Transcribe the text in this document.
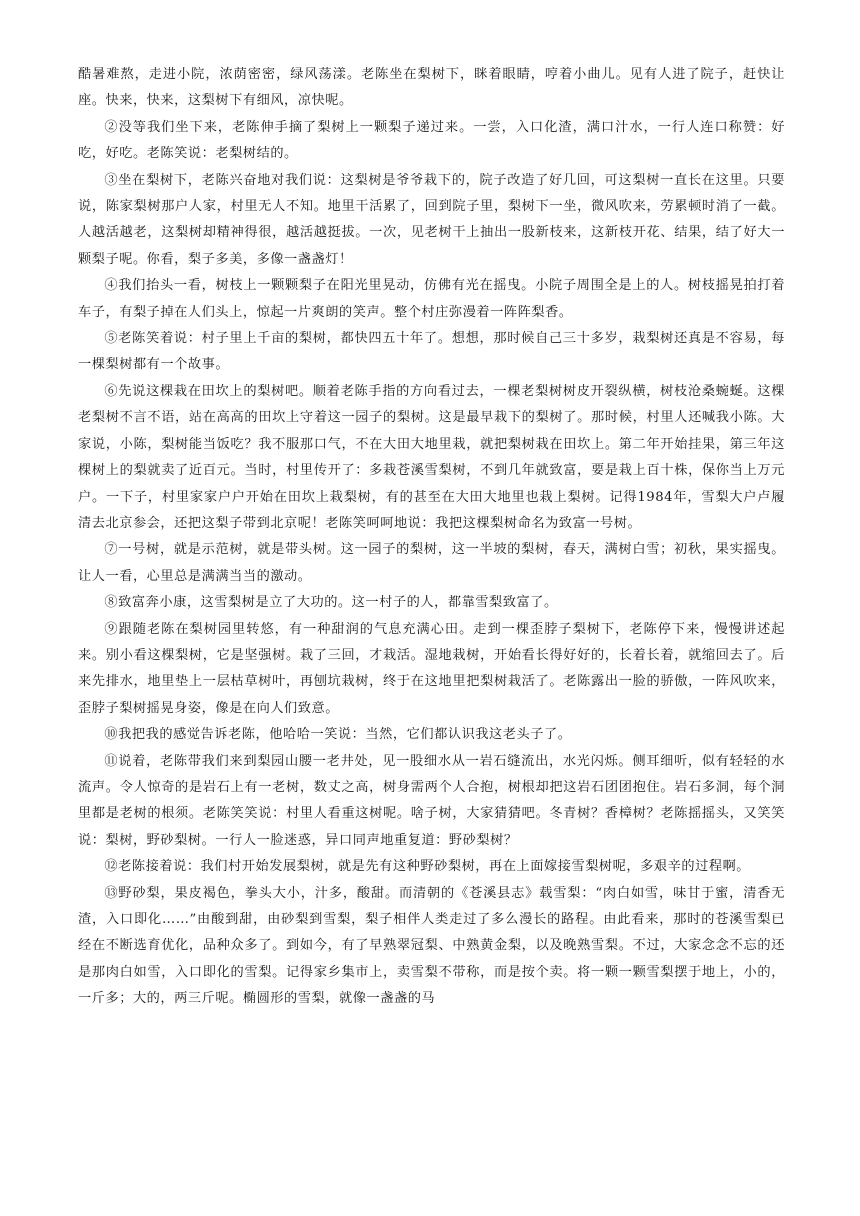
酷暑难熬，走进小院，浓荫密密，绿风荡漾。老陈坐在梨树下，眯着眼睛，哼着小曲儿。见有人进了院子，赶快让座。快来，快来，这梨树下有细风，凉快呢。

②没等我们坐下来，老陈伸手摘了梨树上一颗梨子递过来。一尝，入口化渣，满口汁水，一行人连口称赞：好吃，好吃。老陈笑说：老梨树结的。

③坐在梨树下，老陈兴奋地对我们说：这梨树是爷爷栽下的，院子改造了好几回，可这梨树一直长在这里。只要说，陈家梨树那户人家，村里无人不知。地里干活累了，回到院子里，梨树下一坐，微风吹来，劳累顿时消了一截。人越活越老，这梨树却精神得很，越活越挺拔。一次，见老树干上抽出一股新枝来，这新枝开花、结果，结了好大一颗梨子呢。你看，梨子多美，多像一盏盏灯！

④我们抬头一看，树枝上一颗颗梨子在阳光里晃动，仿佛有光在摇曳。小院子周围全是上的人。树枝摇晃拍打着车子，有梨子掉在人们头上，惊起一片爽朗的笑声。整个村庄弥漫着一阵阵梨香。

⑤老陈笑着说：村子里上千亩的梨树，都快四五十年了。想想，那时候自己三十多岁，栽梨树还真是不容易，每一棵梨树都有一个故事。

⑥先说这棵栽在田坎上的梨树吧。顺着老陈手指的方向看过去，一棵老梨树树皮开裂纵横，树枝沧桑蜿蜒。这棵老梨树不言不语，站在高高的田坎上守着这一园子的梨树。这是最早栽下的梨树了。那时候，村里人还喊我小陈。大家说，小陈，梨树能当饭吃？我不服那口气，不在大田大地里栽，就把梨树栽在田坎上。第二年开始挂果，第三年这棵树上的梨就卖了近百元。当时，村里传开了：多栽苍溪雪梨树，不到几年就致富，要是栽上百十株，保你当上万元户。一下子，村里家家户户开始在田坎上栽梨树，有的甚至在大田大地里也栽上梨树。记得1984年，雪梨大户卢履清去北京参会，还把这梨子带到北京呢！老陈笑呵呵地说：我把这棵梨树命名为致富一号树。

⑦一号树，就是示范树，就是带头树。这一园子的梨树，这一半坡的梨树，春天，满树白雪；初秋，果实摇曳。让人一看，心里总是满满当当的激动。

⑧致富奔小康，这雪梨树是立了大功的。这一村子的人，都靠雪梨致富了。

⑨跟随老陈在梨树园里转悠，有一种甜润的气息充满心田。走到一棵歪脖子梨树下，老陈停下来，慢慢讲述起来。别小看这棵梨树，它是坚强树。栽了三回，才栽活。湿地栽树，开始看长得好好的，长着长着，就缩回去了。后来先排水，地里垫上一层枯草树叶，再刨坑栽树，终于在这地里把梨树栽活了。老陈露出一脸的骄傲，一阵风吹来，歪脖子梨树摇晃身姿，像是在向人们致意。

⑩我把我的感觉告诉老陈，他哈哈一笑说：当然，它们都认识我这老头子了。

⑪说着，老陈带我们来到梨园山腰一老井处，见一股细水从一岩石缝流出，水光闪烁。侧耳细听，似有轻轻的水流声。令人惊奇的是岩石上有一老树，数丈之高，树身需两个人合抱，树根却把这岩石团团抱住。岩石多洞，每个洞里都是老树的根须。老陈笑笑说：村里人看重这树呢。啥子树，大家猜猜吧。冬青树？香樟树？老陈摇摇头，又笑笑说：梨树，野砂梨树。一行人一脸迷惑，异口同声地重复道：野砂梨树？

⑫老陈接着说：我们村开始发展梨树，就是先有这种野砂梨树，再在上面嫁接雪梨树呢，多艰辛的过程啊。

⑬野砂梨，果皮褐色，拳头大小，汁多，酸甜。而清朝的《苍溪县志》载雪梨：“肉白如雪，味甘于蜜，清香无渣，入口即化……”由酸到甜，由砂梨到雪梨，梨子相伴人类走过了多么漫长的路程。由此看来，那时的苍溪雪梨已经在不断选育优化，品种众多了。到如今，有了早熟翠冠梨、中熟黄金梨，以及晚熟雪梨。不过，大家念念不忘的还是那肉白如雪，入口即化的雪梨。记得家乡集市上，卖雪梨不带称，而是按个卖。将一颗一颗雪梨摆于地上，小的，一斤多；大的，两三斤呢。椭圆形的雪梨，就像一盏盏的马
